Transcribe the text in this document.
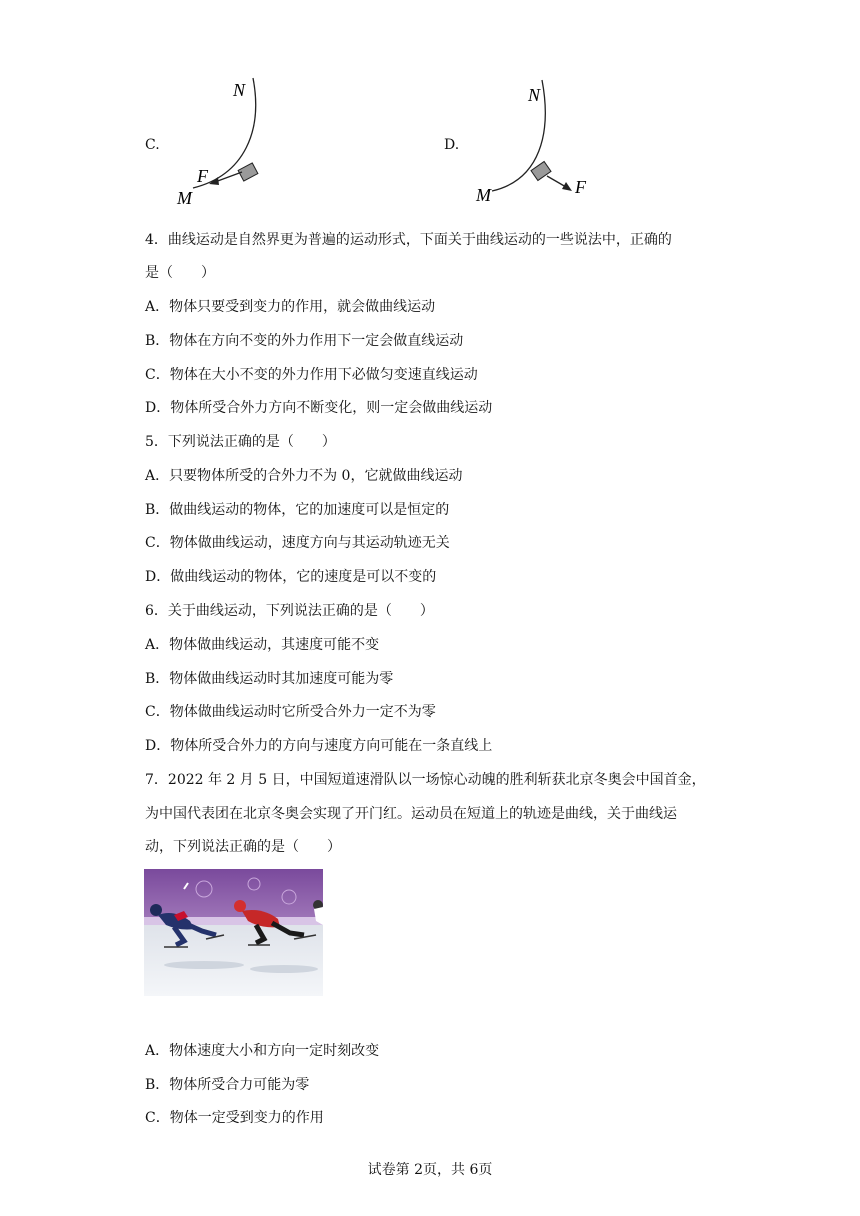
C.
N
F
M
D.
N
F
M
4．曲线运动是自然界更为普遍的运动形式，下面关于曲线运动的一些说法中，正确的
是（　　）
A．物体只要受到变力的作用，就会做曲线运动
B．物体在方向不变的外力作用下一定会做直线运动
C．物体在大小不变的外力作用下必做匀变速直线运动
D．物体所受合外力方向不断变化，则一定会做曲线运动
5．下列说法正确的是（　　）
A．只要物体所受的合外力不为 0，它就做曲线运动
B．做曲线运动的物体，它的加速度可以是恒定的
C．物体做曲线运动，速度方向与其运动轨迹无关
D．做曲线运动的物体，它的速度是可以不变的
6．关于曲线运动，下列说法正确的是（　　）
A．物体做曲线运动，其速度可能不变
B．物体做曲线运动时其加速度可能为零
C．物体做曲线运动时它所受合外力一定不为零
D．物体所受合外力的方向与速度方向可能在一条直线上
7．2022 年 2 月 5 日，中国短道速滑队以一场惊心动魄的胜利斩获北京冬奥会中国首金，
为中国代表团在北京冬奥会实现了开门红。运动员在短道上的轨迹是曲线，关于曲线运
动，下列说法正确的是（　　）
A．物体速度大小和方向一定时刻改变
B．物体所受合力可能为零
C．物体一定受到变力的作用
试卷第 2页，共 6页
